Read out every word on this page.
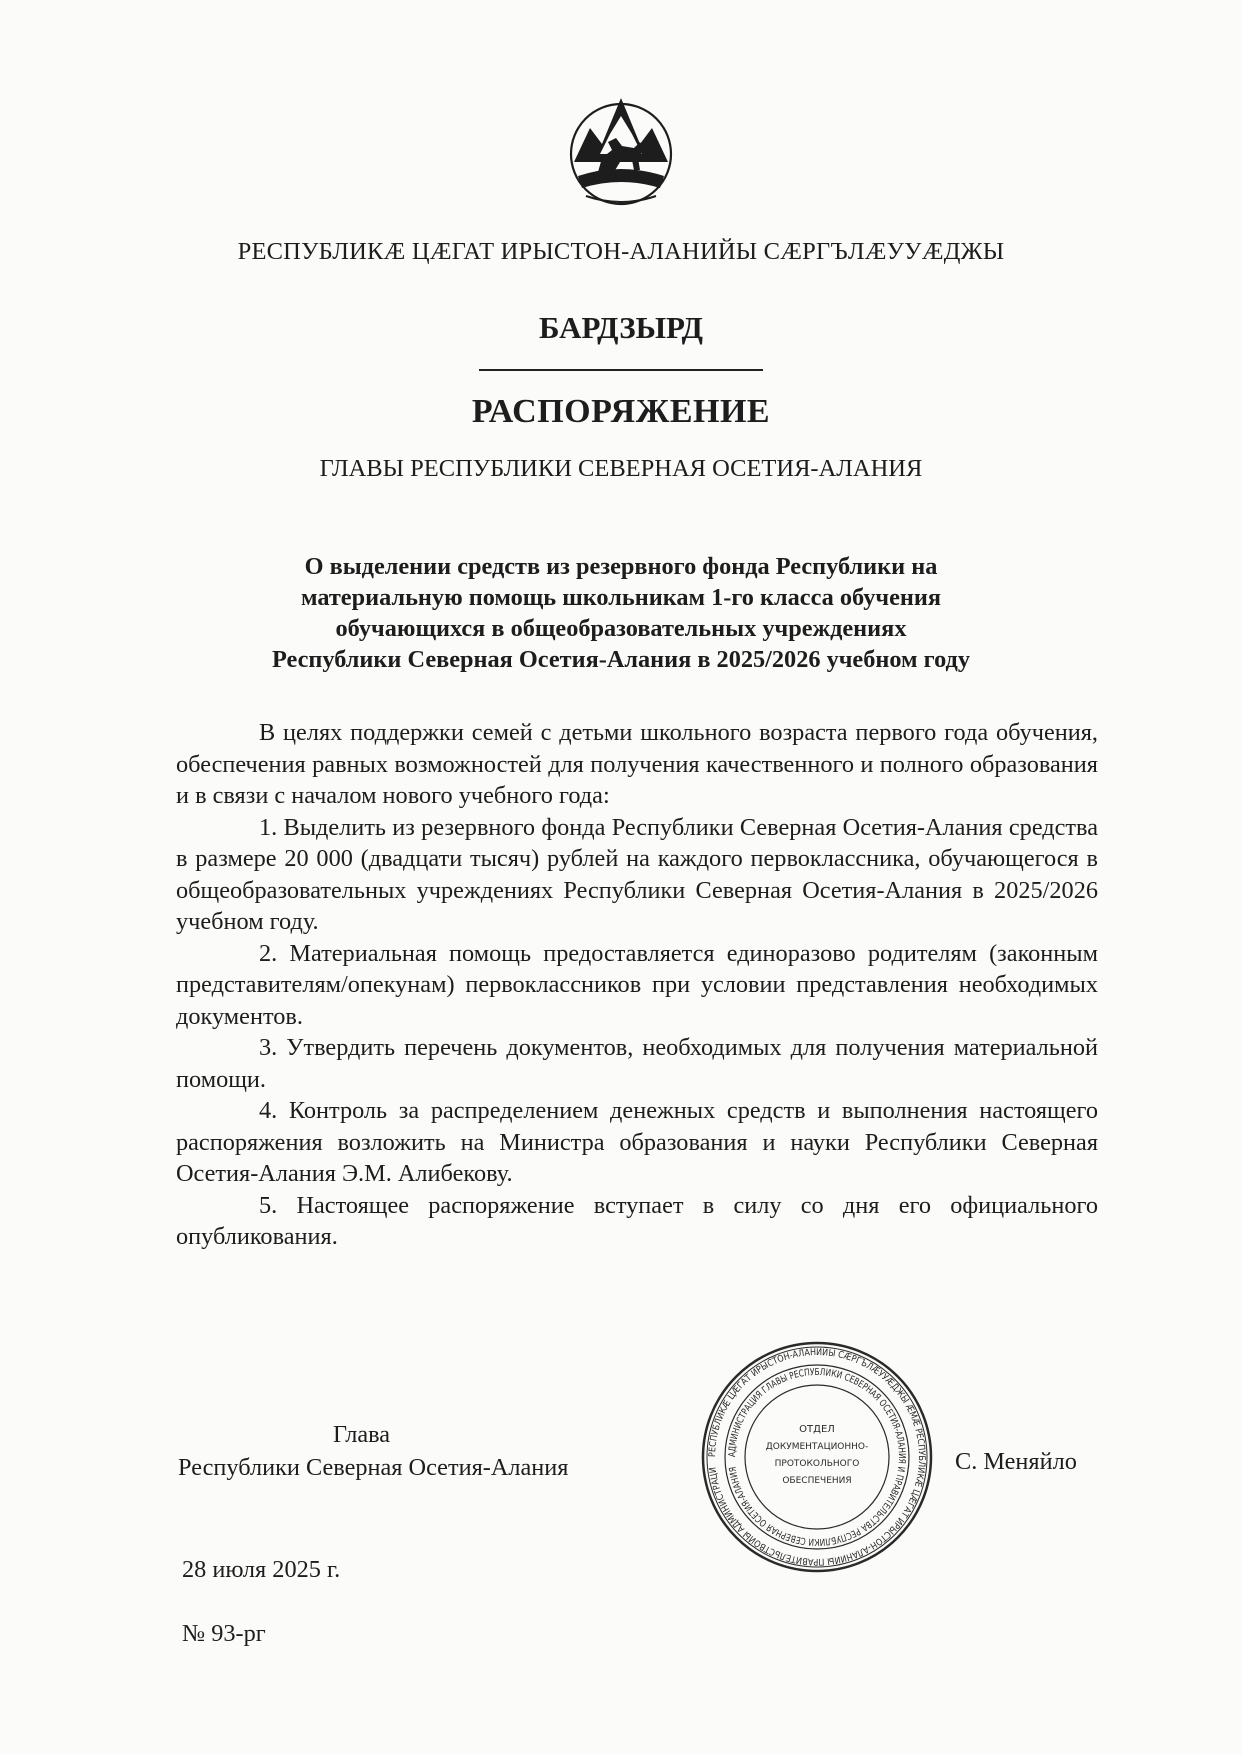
РЕСПУБЛИКÆ ЦÆГАТ ИРЫСТОН-АЛАНИЙЫ СÆРГЪЛÆУУÆДЖЫ
БАРДЗЫРД
РАСПОРЯЖЕНИЕ
ГЛАВЫ РЕСПУБЛИКИ СЕВЕРНАЯ ОСЕТИЯ-АЛАНИЯ
О выделении средств из резервного фонда Республики на
материальную помощь школьникам 1-го класса обучения
обучающихся в общеобразовательных учреждениях
Республики Северная Осетия-Алания в 2025/2026 учебном году

В целях поддержки семей с детьми школьного возраста первого года обучения, обеспечения равных возможностей для получения качественного и полного образования и в связи с началом нового учебного года:

1. Выделить из резервного фонда Республики Северная Осетия-Алания средства в размере 20 000 (двадцати тысяч) рублей на каждого первоклассника, обучающегося в общеобразовательных учреждениях Республики Северная Осетия-Алания в 2025/2026 учебном году.

2. Материальная помощь предоставляется единоразово родителям (законным представителям/опекунам) первоклассников при условии представления необходимых документов.

3. Утвердить перечень документов, необходимых для получения материальной помощи.

4. Контроль за распределением денежных средств и выполнения настоящего распоряжения возложить на Министра образования и науки Республики Северная Осетия-Алания Э.М. Алибекову.

5. Настоящее распоряжение вступает в силу со дня его официального опубликования.

Глава
Республики Северная Осетия-Алания	РЕСПУБЛИКÆ ЦÆГАТ ИРЫСТОН-АЛАНИЙЫ СÆРГЪЛÆУУÆДЖЫ ÆМÆ РЕСПУБЛИКÆ ЦÆГАТ ИРЫСТОН-АЛАНИЙЫ ПРАВИТЕЛЬСТВОЙЫ АДМИНИСТРАЦИ
АДМИНИСТРАЦИЯ ГЛАВЫ РЕСПУБЛИКИ СЕВЕРНАЯ ОСЕТИЯ-АЛАНИЯ И ПРАВИТЕЛЬСТВА РЕСПУБЛИКИ СЕВЕРНАЯ ОСЕТИЯ-АЛАНИЯ
ОТДЕЛ
ДОКУМЕНТАЦИОННО-
ПРОТОКОЛЬНОГО
ОБЕСПЕЧЕНИЯ
С. Меняйло
28 июля 2025 г.
№ 93-рг
